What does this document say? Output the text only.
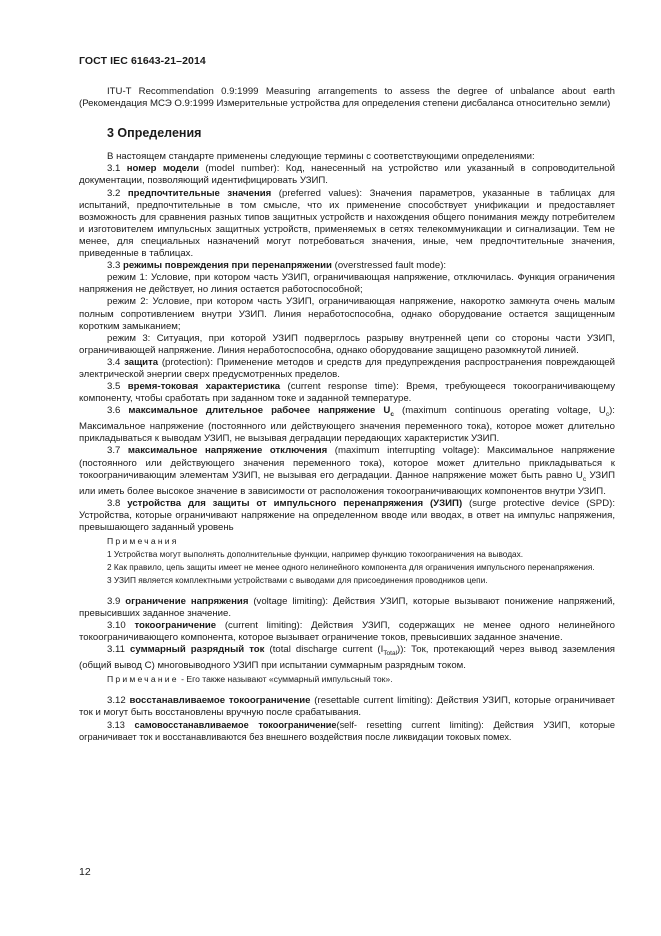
ГОСТ IEC 61643-21–2014

ITU-T Recommendation 0.9:1999 Measuring arrangements to assess the degree of unbalance about earth (Рекомендация МСЭ О.9:1999 Измерительные устройства для определения степени дисбаланса относительно земли)

3 Определения

В настоящем стандарте применены следующие термины с соответствующими определениями:

3.1 номер модели (model number): Код, нанесенный на устройство или указанный в сопроводительной документации, позволяющий идентифицировать УЗИП.

3.2 предпочтительные значения (preferred values): Значения параметров, указанные в таблицах для испытаний, предпочтительные в том смысле, что их применение способствует унификации и предоставляет возможность для сравнения разных типов защитных устройств и нахождения общего понимания между потребителем и изготовителем импульсных защитных устройств, применяемых в сетях телекоммуникации и сигнализации. Тем не менее, для специальных назначений могут потребоваться значения, иные, чем предпочтительные значения, приведенные в таблицах.

3.3 режимы повреждения при перенапряжении (overstressed fault mode):

режим 1: Условие, при котором часть УЗИП, ограничивающая напряжение, отключилась. Функция ограничения напряжения не действует, но линия остается работоспособной;

режим 2: Условие, при котором часть УЗИП, ограничивающая напряжение, накоротко замкнута очень малым полным сопротивлением внутри УЗИП. Линия неработоспособна, однако оборудование остается защищенным коротким замыканием;

режим 3: Ситуация, при которой УЗИП подверглось разрыву внутренней цепи со стороны части УЗИП, ограничивающей напряжение. Линия неработоспособна, однако оборудование защищено разомкнутой линией.

3.4 защита (protection): Применение методов и средств для предупреждения распространения повреждающей электрической энергии сверх предусмотренных пределов.

3.5 время-токовая характеристика (current response time): Время, требующееся токоограничивающему компоненту, чтобы сработать при заданном токе и заданной температуре.

3.6 максимальное длительное рабочее напряжение $U_c$ (maximum continuous operating voltage, $U_c$): Максимальное напряжение (постоянного или действующего значения переменного тока), которое может длительно прикладываться к выводам УЗИП, не вызывая деградации передающих характеристик УЗИП.

3.7 максимальное напряжение отключения (maximum interrupting voltage): Максимальное напряжение (постоянного или действующего значения переменного тока), которое может длительно прикладываться к токоограничивающим элементам УЗИП, не вызывая его деградации. Данное напряжение может быть равно $U_c$ УЗИП или иметь более высокое значение в зависимости от расположения токоограничивающих компонентов внутри УЗИП.

3.8 устройства для защиты от импульсного перенапряжения (УЗИП) (surge protective device (SPD): Устройства, которые ограничивают напряжение на определенном вводе или вводах, в ответ на импульс напряжения, превышающего заданный уровень

Примечания

1 Устройства могут выполнять дополнительные функции, например функцию токоограничения на выводах.

2 Как правило, цепь защиты имеет не менее одного нелинейного компонента для ограничения импульсного перенапряжения.

3 УЗИП является комплектными устройствами с выводами для присоединения проводников цепи.

3.9 ограничение напряжения (voltage limiting): Действия УЗИП, которые вызывают понижение напряжений, превысивших заданное значение.

3.10 токоограничение (current limiting): Действия УЗИП, содержащих не менее одного нелинейного токоограничивающего компонента, которое вызывает ограничение токов, превысивших заданное значение.

3.11 суммарный разрядный ток (total discharge current $(I_{Total})$): Ток, протекающий через вывод заземления (общий вывод С) многовыводного УЗИП при испытании суммарным разрядным током.

Примечание - Его также называют «суммарный импульсный ток».

3.12 восстанавливаемое токоограничение (resettable current limiting): Действия УЗИП, которые ограничивает ток и могут быть восстановлены вручную после срабатывания.

3.13 самовосстанавливаемое токоограничение(self- resetting current limiting): Действия УЗИП, которые ограничивает ток и восстанавливаются без внешнего воздействия после ликвидации токовых помех.

12
